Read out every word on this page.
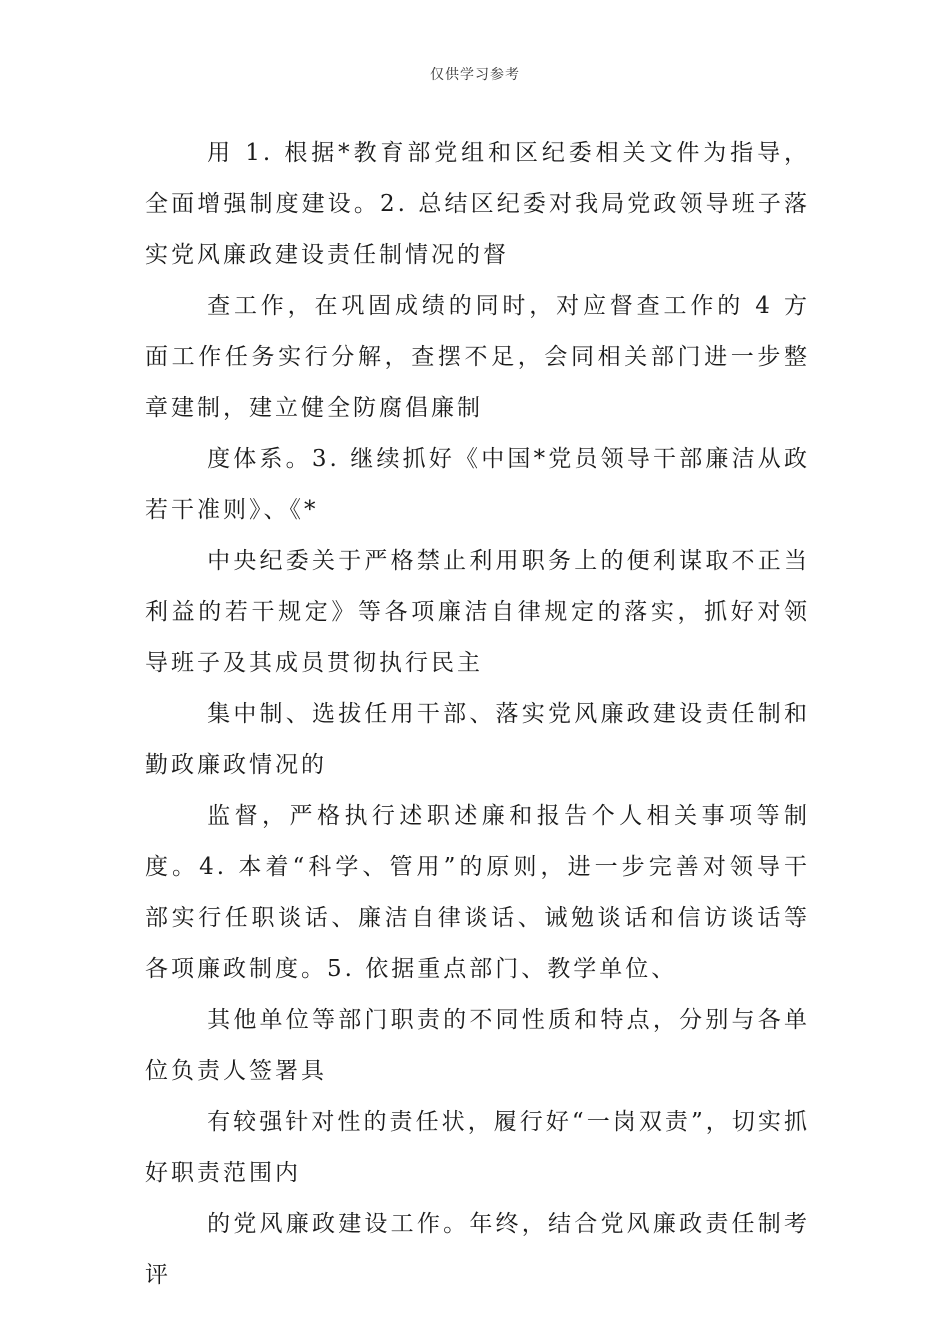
仅供学习参考

用 1. 根据*教育部党组和区纪委相关文件为指导，全面增强制度建设。2. 总结区纪委对我局党政领导班子落实党风廉政建设责任制情况的督

查工作，在巩固成绩的同时，对应督查工作的 4 方面工作任务实行分解，查摆不足，会同相关部门进一步整章建制，建立健全防腐倡廉制

度体系。3. 继续抓好《中国*党员领导干部廉洁从政若干准则》、《*

中央纪委关于严格禁止利用职务上的便利谋取不正当利益的若干规定》等各项廉洁自律规定的落实，抓好对领导班子及其成员贯彻执行民主

集中制、选拔任用干部、落实党风廉政建设责任制和勤政廉政情况的

监督，严格执行述职述廉和报告个人相关事项等制度。4. 本着“科学、管用”的原则，进一步完善对领导干部实行任职谈话、廉洁自律谈话、诫勉谈话和信访谈话等各项廉政制度。5. 依据重点部门、教学单位、

其他单位等部门职责的不同性质和特点，分别与各单位负责人签署具

有较强针对性的责任状，履行好“一岗双责”，切实抓好职责范围内

的党风廉政建设工作。年终，结合党风廉政责任制考评
